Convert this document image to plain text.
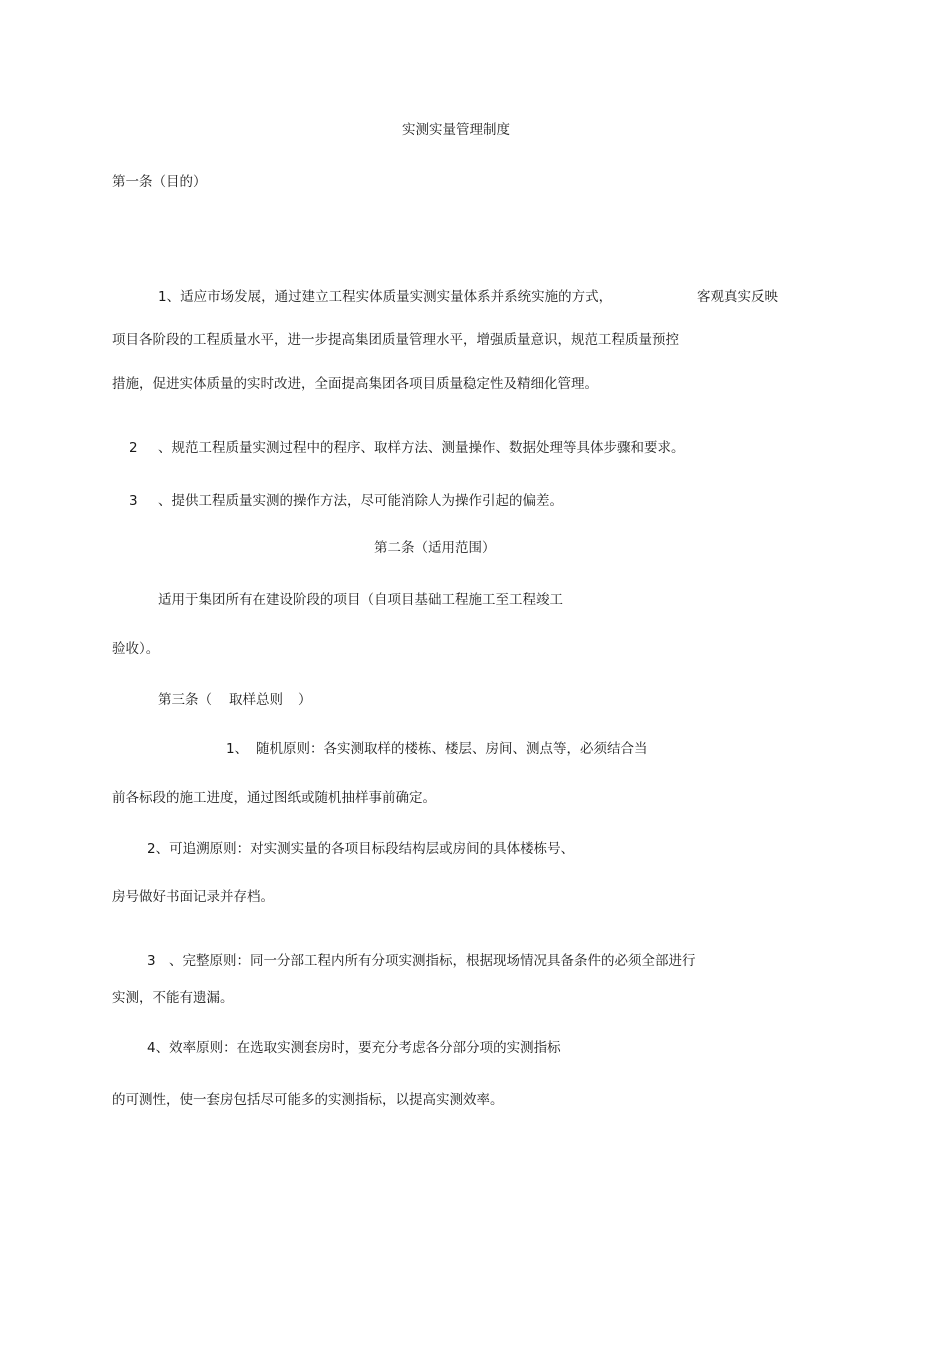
实测实量管理制度
第一条（目的）
1、适应市场发展，通过建立工程实体质量实测实量体系并系统实施的方式，	客观真实反映
项目各阶段的工程质量水平，进一步提高集团质量管理水平，增强质量意识，规范工程质量预控
措施，促进实体质量的实时改进，全面提高集团各项目质量稳定性及精细化管理。
2 、规范工程质量实测过程中的程序、取样方法、测量操作、数据处理等具体步骤和要求。
3 、提供工程质量实测的操作方法，尽可能消除人为操作引起的偏差。
第二条（适用范围）
适用于集团所有在建设阶段的项目（自项目基础工程施工至工程竣工
验收）。
第三条（ 取样总则 ）
1、 随机原则：各实测取样的楼栋、楼层、房间、测点等，必须结合当
前各标段的施工进度，通过图纸或随机抽样事前确定。
2、可追溯原则：对实测实量的各项目标段结构层或房间的具体楼栋号、
房号做好书面记录并存档。
3 、完整原则：同一分部工程内所有分项实测指标，根据现场情况具备条件的必须全部进行
实测，不能有遗漏。
4、效率原则：在选取实测套房时，要充分考虑各分部分项的实测指标
的可测性，使一套房包括尽可能多的实测指标，以提高实测效率。
